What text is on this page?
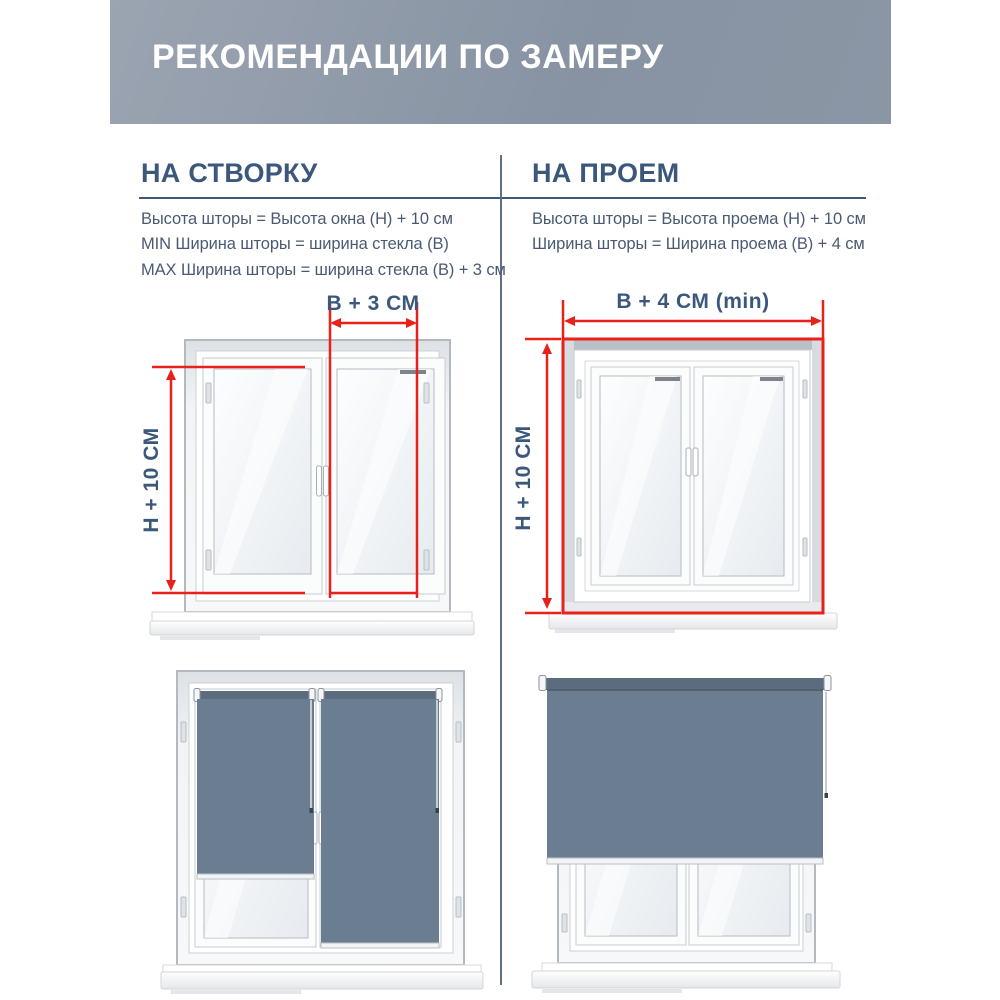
РЕКОМЕНДАЦИИ ПО ЗАМЕРУ
НА СТВОРКУ	НА ПРОЕМ

Высота шторы = Высота окна (Н) + 10 см

MIN Ширина шторы = ширина стекла (В)

MAX Ширина шторы = ширина стекла (В) + 3 см

Высота шторы = Высота проема (Н) + 10 см

Ширина шторы = Ширина проема (В) + 4 см

В + 3 СМ
Н + 10 СМ
В + 4 СМ (min)
Н + 10 СМ
